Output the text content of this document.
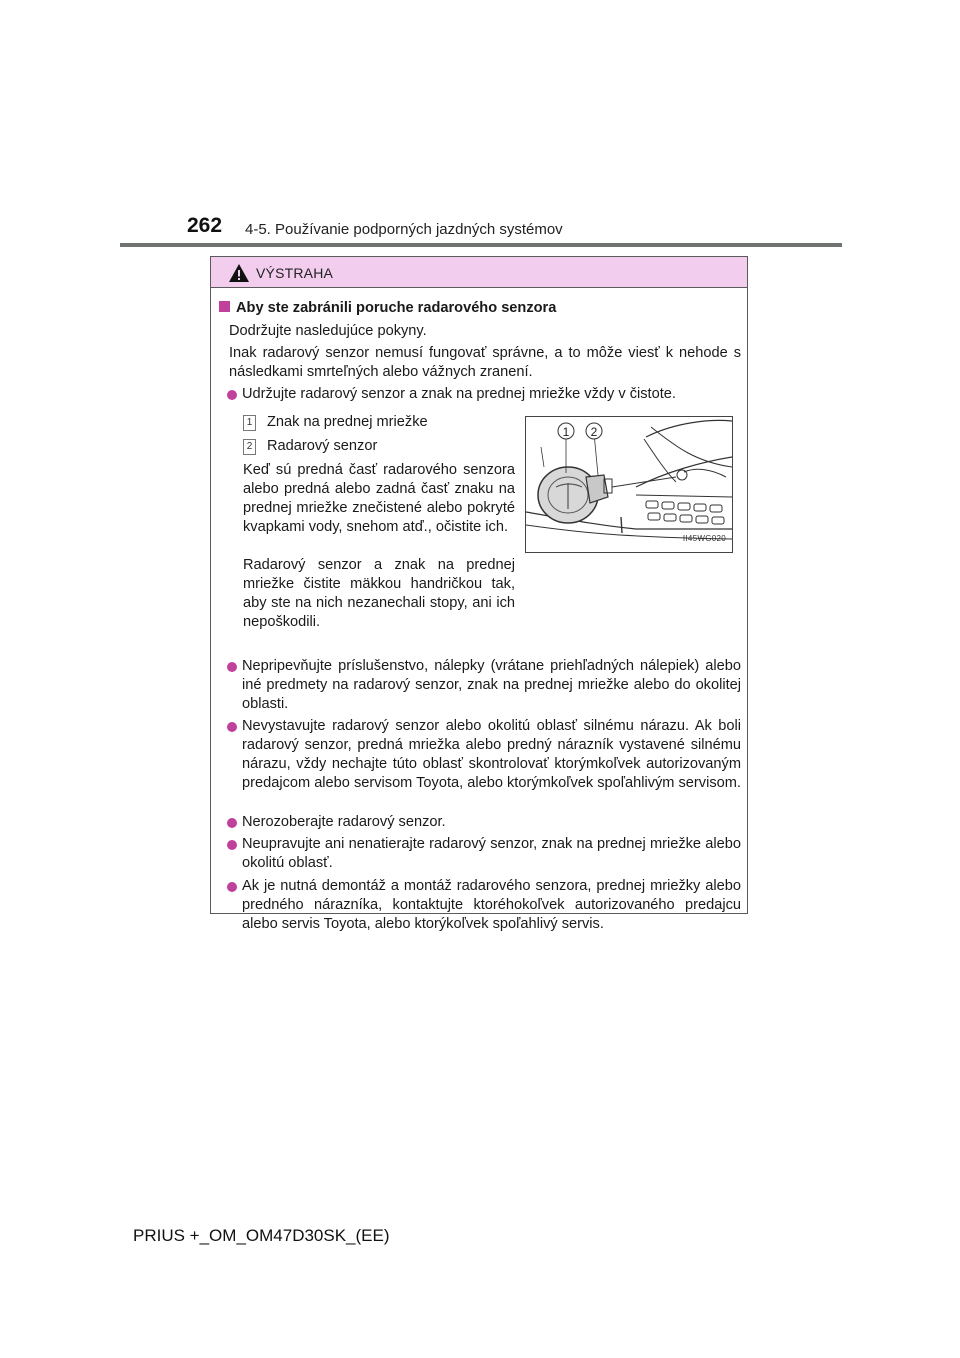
262 4-5. Používanie podporných jazdných systémov
VÝSTRAHA
Aby ste zabránili poruche radarového senzora
Dodržujte nasledujúce pokyny.
Inak radarový senzor nemusí fungovať správne, a to môže viesť k nehode s následkami smrteľných alebo vážnych zranení.
Udržujte radarový senzor a znak na prednej mriežke vždy v čistote.
1 Znak na prednej mriežke
2 Radarový senzor
Keď sú predná časť radarového senzora alebo predná alebo zadná časť znaku na prednej mriežke znečistené alebo pokryté kvapkami vody, snehom atď., očistite ich.
Radarový senzor a znak na prednej mriežke čistite mäkkou handričkou tak, aby ste na nich nezanechali stopy, ani ich nepoškodili.
1 2
II45WG020
Nepripevňujte príslušenstvo, nálepky (vrátane priehľadných nálepiek) alebo iné predmety na radarový senzor, znak na prednej mriežke alebo do okolitej oblasti.
Nevystavujte radarový senzor alebo okolitú oblasť silnému nárazu. Ak boli radarový senzor, predná mriežka alebo predný nárazník vystavené silnému nárazu, vždy nechajte túto oblasť skontrolovať ktorýmkoľvek autorizovaným predajcom alebo servisom Toyota, alebo ktorýmkoľvek spoľahlivým servisom.
Nerozoberajte radarový senzor.
Neupravujte ani nenatierajte radarový senzor, znak na prednej mriežke alebo okolitú oblasť.
Ak je nutná demontáž a montáž radarového senzora, prednej mriežky alebo predného nárazníka, kontaktujte ktoréhokoľvek autorizovaného predajcu alebo servis Toyota, alebo ktorýkoľvek spoľahlivý servis.
PRIUS +_OM_OM47D30SK_(EE)
